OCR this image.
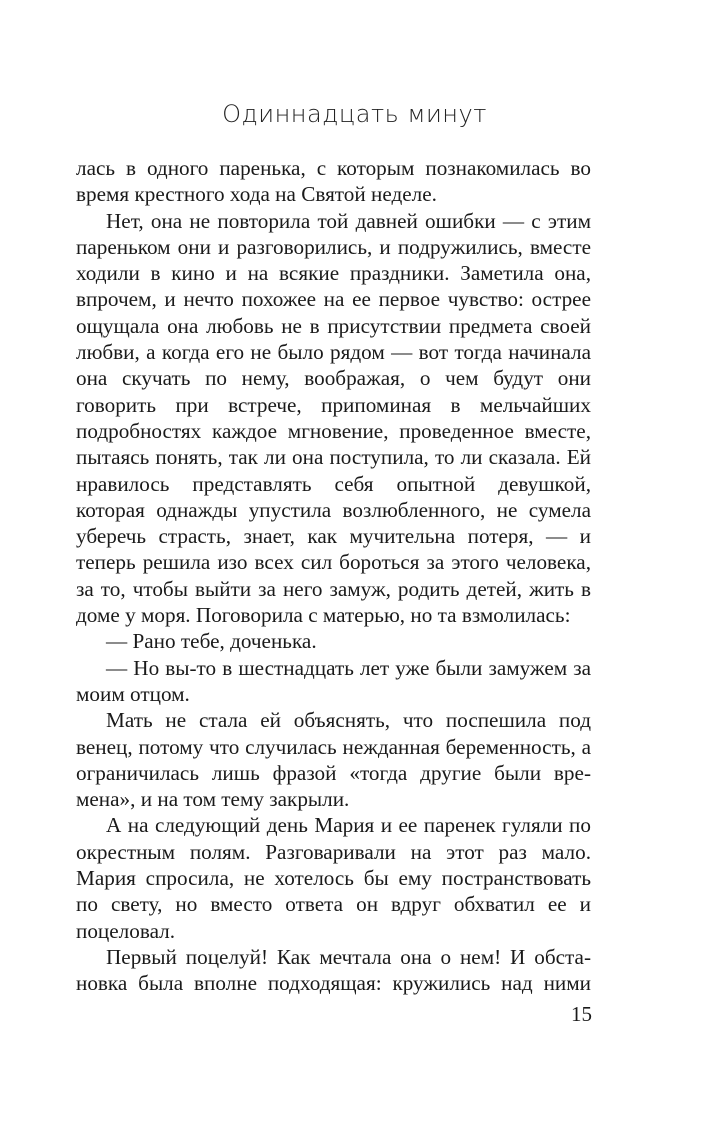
Одиннадцать минут

лась в одного паренька, с которым познакомилась во время крестного хода на Святой неделе.

Нет, она не повторила той давней ошибки — с этим пареньком они и разговорились, и подружились, вместе ходили в кино и на всякие праздники. Заметила она, впрочем, и нечто похожее на ее первое чувство: острее ощущала она любовь не в присутствии предмета своей любви, а когда его не было рядом — вот тогда начинала она скучать по нему, воображая, о чем будут они говорить при встрече, припоминая в мельчайших подробностях каждое мгновение, проведенное вместе, пытаясь понять, так ли она поступила, то ли сказала. Ей нравилось представлять себя опытной девушкой, которая однажды упустила возлюбленного, не сумела уберечь страсть, знает, как мучительна потеря, — и теперь решила изо всех сил бороться за этого человека, за то, чтобы выйти за него замуж, родить детей, жить в доме у моря. Поговорила с матерью, но та взмолилась:

— Рано тебе, доченька.

— Но вы-то в шестнадцать лет уже были замужем за моим отцом.

Мать не стала ей объяснять, что поспешила под венец, потому что случилась нежданная беременность, а ограничилась лишь фразой «тогда другие были времена», и на том тему закрыли.

А на следующий день Мария и ее паренек гуляли по окрестным полям. Разговаривали на этот раз мало. Мария спросила, не хотелось бы ему постранствовать по свету, но вместо ответа он вдруг обхватил ее и поцеловал.

Первый поцелуй! Как мечтала она о нем! И обстановка была вполне подходящая: кружились над ними

15
